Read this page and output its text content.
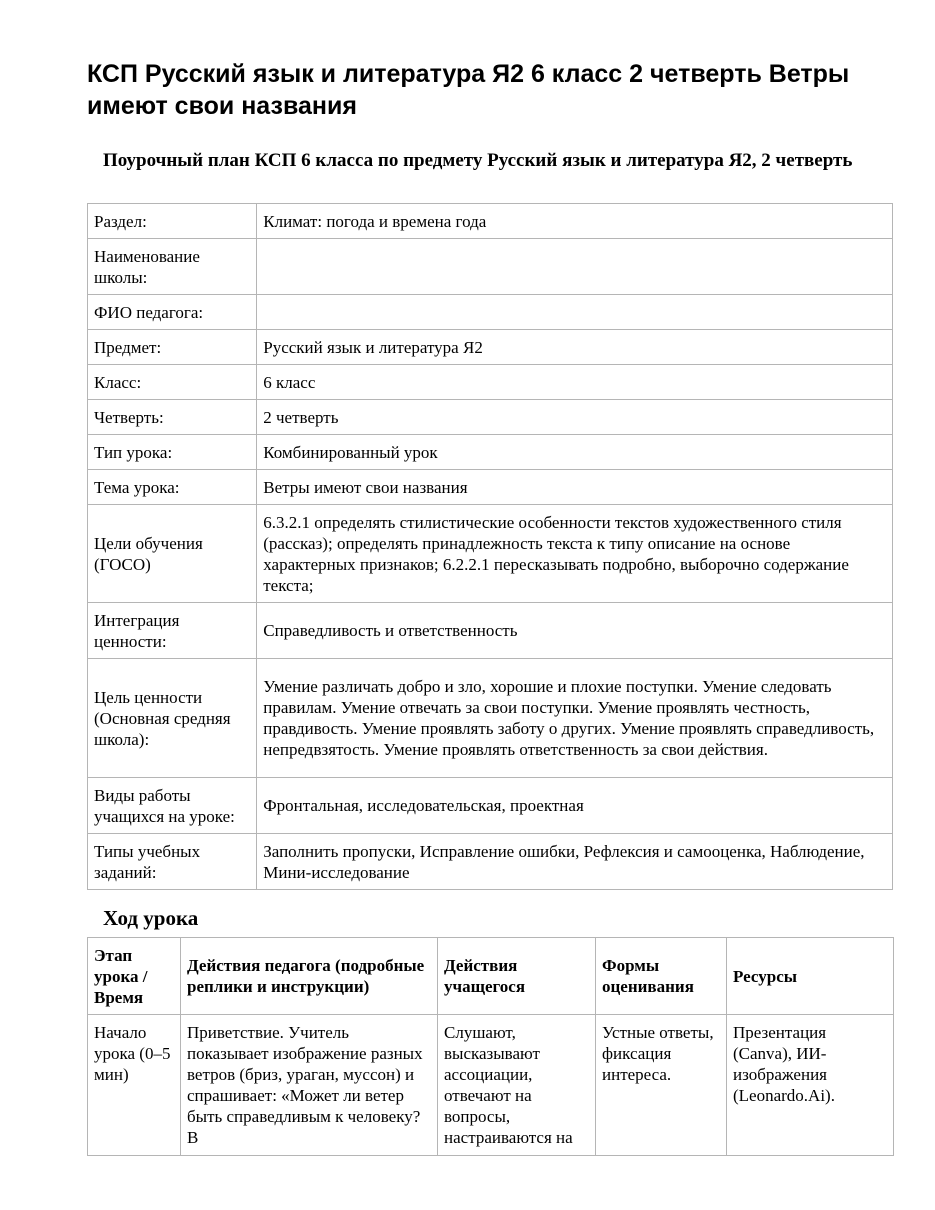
КСП Русский язык и литература Я2 6 класс 2 четверть Ветры имеют свои названия
Поурочный план КСП 6 класса по предмету Русский язык и литература Я2, 2 четверть
Раздел:	Климат: погода и времена года
Наименование школы:	
ФИО педагога:	
Предмет:	Русский язык и литература Я2
Класс:	6 класс
Четверть:	2 четверть
Тип урока:	Комбинированный урок
Тема урока:	Ветры имеют свои названия
Цели обучения (ГОСО)	6.3.2.1 определять стилистические особенности текстов художественного стиля (рассказ); определять принадлежность текста к типу описание на основе характерных признаков; 6.2.2.1 пересказывать подробно, выборочно содержание текста;
Интеграция ценности:	Справедливость и ответственность
Цель ценности (Основная средняя школа):	Умение различать добро и зло, хорошие и плохие поступки. Умение следовать правилам. Умение отвечать за свои поступки. Умение проявлять честность, правдивость. Умение проявлять заботу о других. Умение проявлять справедливость, непредвзятость. Умение проявлять ответственность за свои действия.
Виды работы учащихся на уроке:	Фронтальная, исследовательская, проектная
Типы учебных заданий:	Заполнить пропуски, Исправление ошибки, Рефлексия и самооценка, Наблюдение, Мини-исследование
Ход урока
Этап урока / Время	Действия педагога (подробные реплики и инструкции)	Действия учащегося	Формы оценивания	Ресурсы

Начало урока (0–5 мин)	Приветствие. Учитель показывает изображение разных ветров (бриз, ураган, муссон) и спрашивает: «Может ли ветер быть справедливым к человеку? В	Слушают, высказывают ассоциации, отвечают на вопросы, настраиваются на	Устные ответы, фиксация интереса.	Презентация (Canva), ИИ-изображения (Leonardo.Ai).
